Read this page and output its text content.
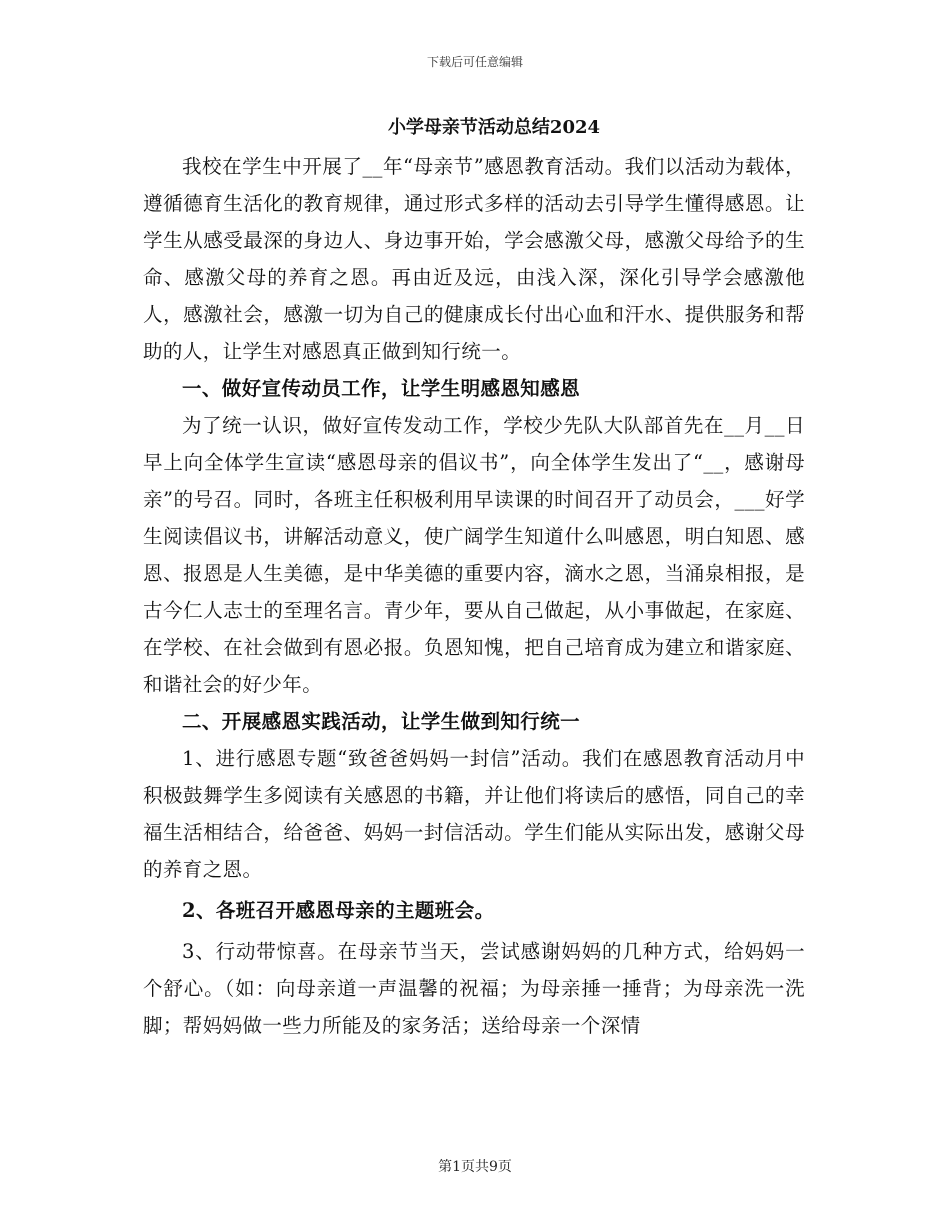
下载后可任意编辑
小学母亲节活动总结2024

我校在学生中开展了__年“母亲节”感恩教育活动。我们以活动为载体，遵循德育生活化的教育规律，通过形式多样的活动去引导学生懂得感恩。让学生从感受最深的身边人、身边事开始，学会感激父母，感激父母给予的生命、感激父母的养育之恩。再由近及远，由浅入深，深化引导学会感激他人，感激社会，感激一切为自己的健康成长付出心血和汗水、提供服务和帮助的人，让学生对感恩真正做到知行统一。

一、做好宣传动员工作，让学生明感恩知感恩

为了统一认识，做好宣传发动工作，学校少先队大队部首先在__月__日早上向全体学生宣读“感恩母亲的倡议书”，向全体学生发出了“__，感谢母亲”的号召。同时，各班主任积极利用早读课的时间召开了动员会，___好学生阅读倡议书，讲解活动意义，使广阔学生知道什么叫感恩，明白知恩、感恩、报恩是人生美德，是中华美德的重要内容，滴水之恩，当涌泉相报，是古今仁人志士的至理名言。青少年，要从自己做起，从小事做起，在家庭、在学校、在社会做到有恩必报。负恩知愧，把自己培育成为建立和谐家庭、和谐社会的好少年。

二、开展感恩实践活动，让学生做到知行统一

1、进行感恩专题“致爸爸妈妈一封信”活动。我们在感恩教育活动月中积极鼓舞学生多阅读有关感恩的书籍，并让他们将读后的感悟，同自己的幸福生活相结合，给爸爸、妈妈一封信活动。学生们能从实际出发，感谢父母的养育之恩。

2、各班召开感恩母亲的主题班会。

3、行动带惊喜。在母亲节当天，尝试感谢妈妈的几种方式，给妈妈一个舒心。（如：向母亲道一声温馨的祝福；为母亲捶一捶背；为母亲洗一洗脚；帮妈妈做一些力所能及的家务活；送给母亲一个深情

第1页共9页
